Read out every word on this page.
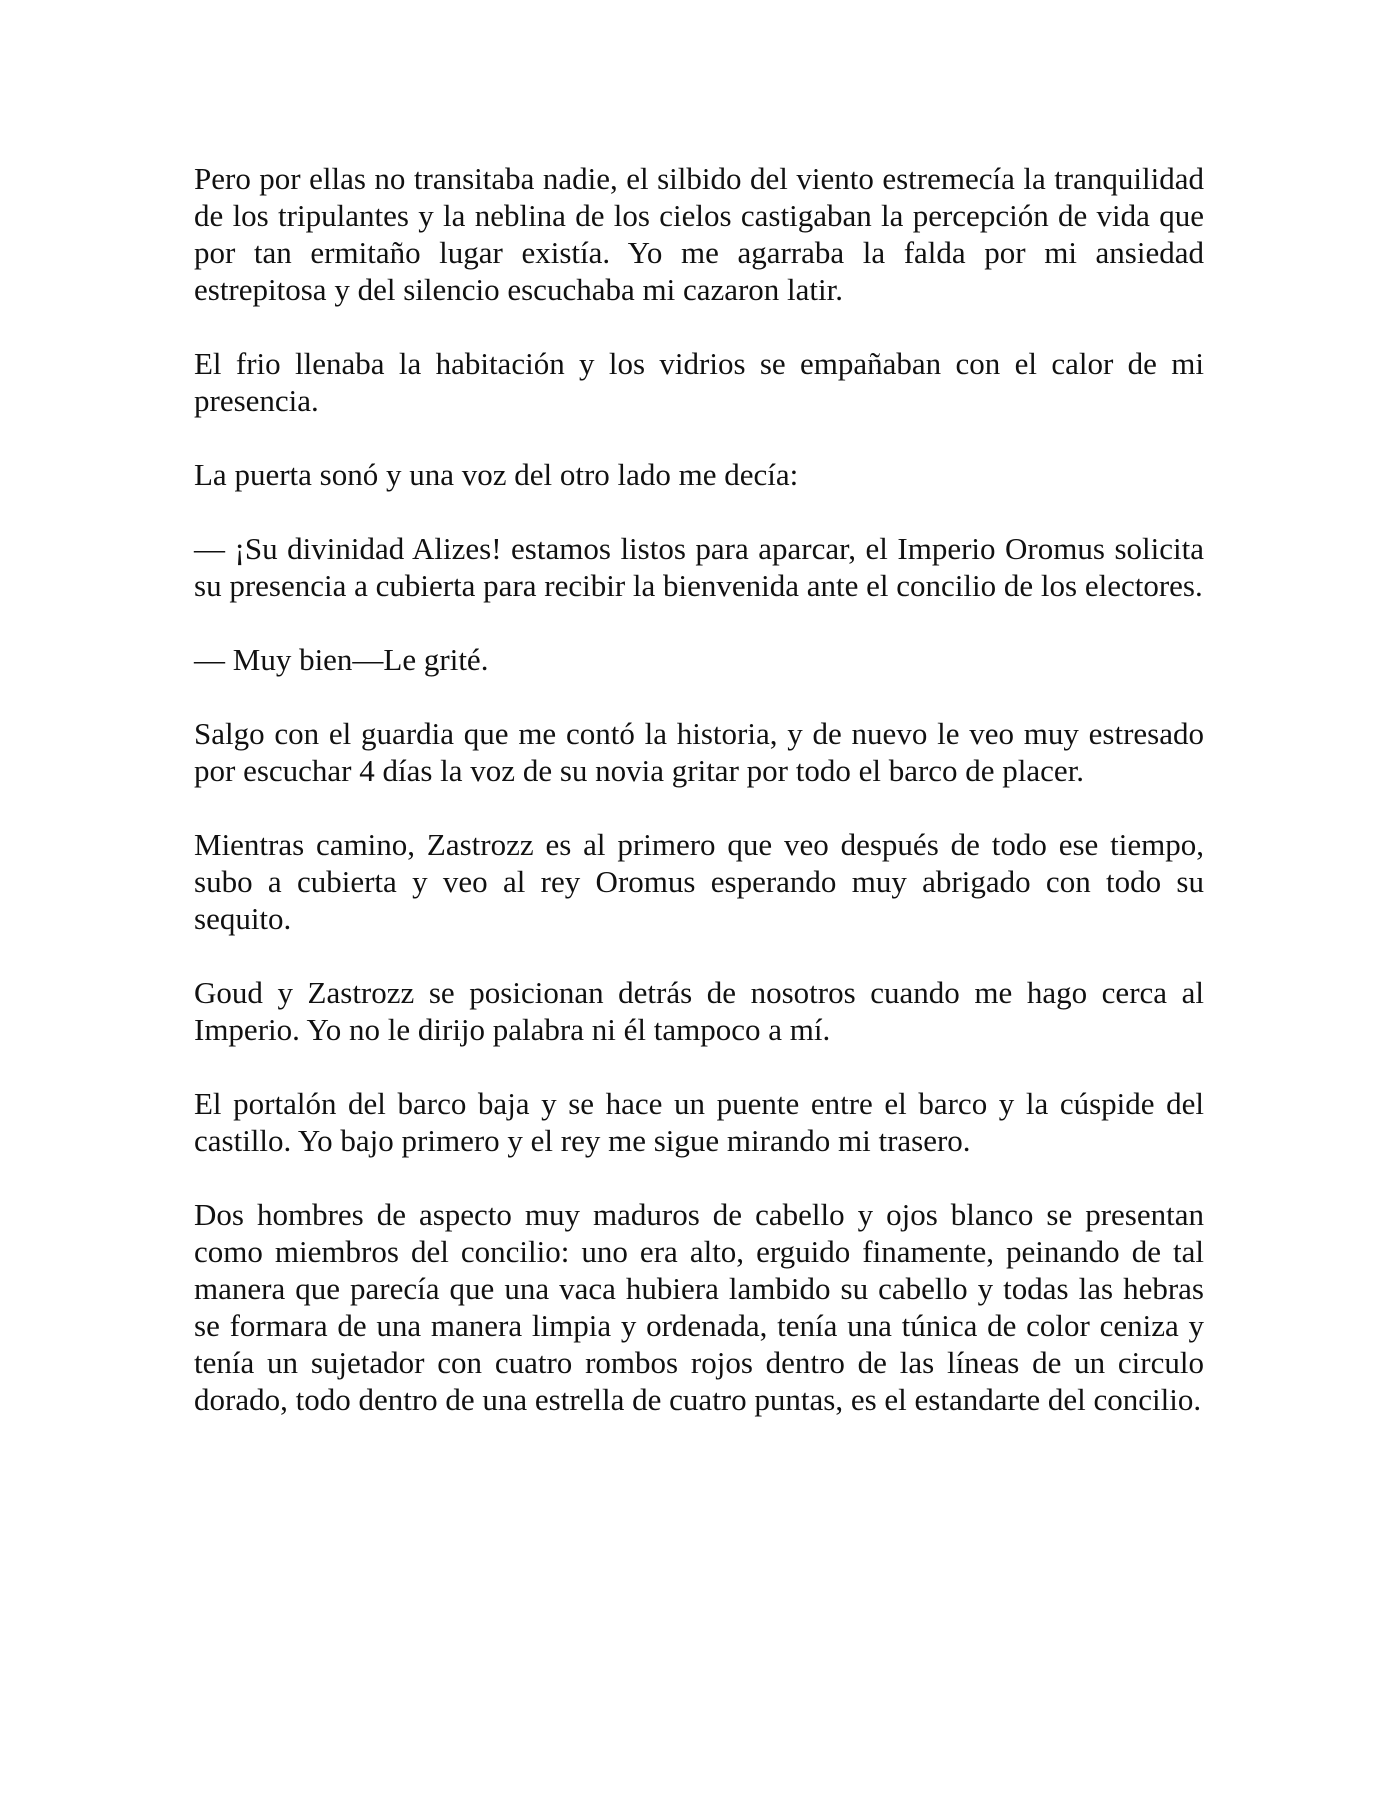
Pero por ellas no transitaba nadie, el silbido del viento estremecía la tranquilidad de los tripulantes y la neblina de los cielos castigaban la percepción de vida que por tan ermitaño lugar existía. Yo me agarraba la falda por mi ansiedad estrepitosa y del silencio escuchaba mi cazaron latir.

El frio llenaba la habitación y los vidrios se empañaban con el calor de mi presencia.

La puerta sonó y una voz del otro lado me decía:

— ¡Su divinidad Alizes! estamos listos para aparcar, el Imperio Oromus solicita su presencia a cubierta para recibir la bienvenida ante el concilio de los electores.

— Muy bien—Le grité.

Salgo con el guardia que me contó la historia, y de nuevo le veo muy estresado por escuchar 4 días la voz de su novia gritar por todo el barco de placer.

Mientras camino, Zastrozz es al primero que veo después de todo ese tiempo, subo a cubierta y veo al rey Oromus esperando muy abrigado con todo su sequito.

Goud y Zastrozz se posicionan detrás de nosotros cuando me hago cerca al Imperio. Yo no le dirijo palabra ni él tampoco a mí.

El portalón del barco baja y se hace un puente entre el barco y la cúspide del castillo. Yo bajo primero y el rey me sigue mirando mi trasero.

Dos hombres de aspecto muy maduros de cabello y ojos blanco se presentan como miembros del concilio: uno era alto, erguido finamente, peinando de tal manera que parecía que una vaca hubiera lambido su cabello y todas las hebras se formara de una manera limpia y ordenada, tenía una túnica de color ceniza y tenía un sujetador con cuatro rombos rojos dentro de las líneas de un circulo dorado, todo dentro de una estrella de cuatro puntas, es el estandarte del concilio.
